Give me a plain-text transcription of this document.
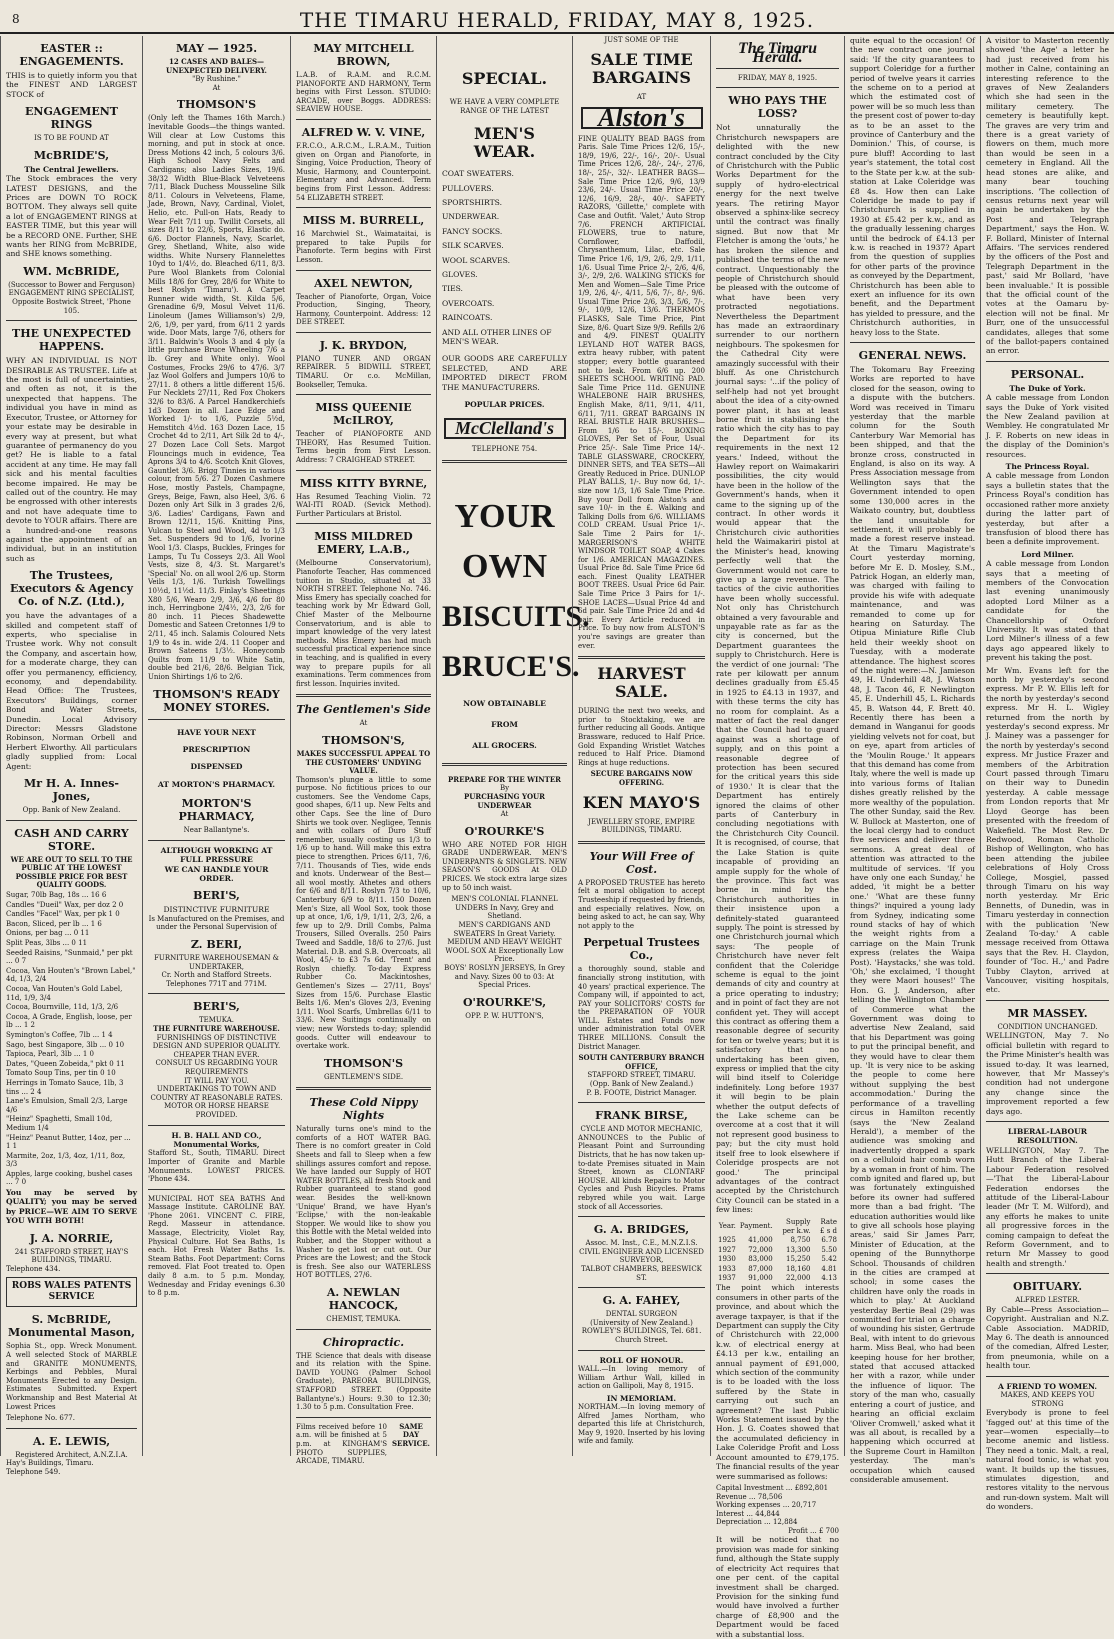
8	THE TIMARU HERALD, FRIDAY, MAY 8, 1925.
EASTER :: ENGAGEMENTS.

THIS is to quietly inform you that the FINEST AND LARGEST STOCK of

ENGAGEMENT RINGS
IS TO BE FOUND AT
McBRIDE'S,
The Central Jewellers.

The Stock embraces the very LATEST DESIGNS, and the Prices are DOWN TO ROCK BOTTOM. They always sell quite a lot of ENGAGEMENT RINGS at EASTER TIME, but this year will be a RECORD ONE. Further, SHE wants her RING from McBRIDE, and SHE knows something.

WM. McBRIDE,
(Successor to Bower and Ferguson) ENGAGEMENT RING SPECIALIST, Opposite Bostwick Street, 'Phone 105.
THE UNEXPECTED HAPPENS.

WHY AN INDIVIDUAL IS NOT DESIRABLE AS TRUSTEE. Life at the most is full of uncertainties, and often as not, it is the unexpected that happens. The individual you have in mind as Executor, Trustee, or Attorney for your estate may be desirable in every way at present, but what guarantee of permanency do you get? He is liable to a fatal accident at any time. He may fall sick and his mental faculties become impaired. He may be called out of the country. He may be engrossed with other interests and not have adequate time to devote to YOUR affairs. There are a hundred-and-one reasons against the appointment of an individual, but in an institution such as

The Trustees, Executors & Agency Co. of N.Z. (Ltd.),

you have the advantages of a skilled and competent staff of experts, who specialise in Trustee work. Why not consult the Company, and ascertain how, for a moderate charge, they can offer you permanency, efficiency, economy, and dependability. Head Office: The Trustees, Executors' Buildings, corner Bond and Water Streets, Dunedin. Local Advisory Director: Messrs Gladstone Robinson, Norman Orbell and Herbert Elworthy. All particulars gladly supplied from: Local Agent:

Mr H. A. Innes-Jones,
Opp. Bank of New Zealand.
CASH AND CARRY STORE.
WE ARE OUT TO SELL TO THE PUBLIC AT THE LOWEST POSSIBLE PRICE FOR BEST QUALITY GOODS.
Sugar, 70lb Bag, 18s ... 16 6
Candles "Dueil" Wax, per doz 2 0
Candles "Facel" Wax, per pk 1 0
Bacon, Sliced, per lb ... 1 6
Onions, per bag ... 0 11
Split Peas, 3lbs ... 0 11
Seeded Raisins, "Sunmaid," per pkt ... 0 7
Cocoa, Van Houten's "Brown Label," 4d, 1/3, 2/4
Cocoa, Van Houten's Gold Label, 11d, 1/9, 3/4
Cocoa, Bournville, 11d, 1/3, 2/6
Cocoa, A Grade, English, loose, per lb ... 1 2
Symington's Coffee, 7lb ... 1 4
Sago, best Singapore, 3lb ... 0 10
Tapioca, Pearl, 3lb ... 1 0
Dates, "Queen Zobeida," pkt 0 11
Tomato Soup Tins, per tin 0 10
Herrings in Tomato Sauce, 1lb, 3 tins ... 2 4
Lane's Emulsion, Small 2/3, Large 4/6
"Heinz" Spaghetti, Small 10d, Medium 1/4
"Heinz" Peanut Butter, 14oz, per ... 1 1
Marmite, 2oz, 1/3, 4oz, 1/11, 8oz, 3/3
Apples, large cooking, bushel cases ... 7 0

You may be served by QUALITY; you may be served by PRICE—WE AIM TO SERVE YOU WITH BOTH!

J. A. NORRIE,
241 STAFFORD STREET, HAY'S BUILDINGS, TIMARU.
Telephone 434.
ROBS WALES PATENTS SERVICE
S. McBRIDE, Monumental Mason,

Sophia St., opp. Wreck Monument. A well selected Stock of MARBLE and GRANITE MONUMENTS, Kerbings and Pebbles, Mural Monuments Erected to any Design. Estimates Submitted. Expert Workmanship and Best Material At Lowest Prices

Telephone No. 677.
A. E. LEWIS,
Registered Architect, A.N.Z.I.A.
Hay's Buildings, Timaru.
Telephone 549.
MAY — 1925.
12 CASES AND BALES—UNEXPECTED DELIVERY.
"By Rushine."
At
THOMSON'S

(Only left the Thames 16th March.) Inevitable Goods—the things wanted. Will clear at Low Customs this morning, and put in stock at once. Dress Motions 42 inch, 5 colours 3/6. High School Navy Felts and Cardigans; also Ladies Sizes, 19/6. 38/32 Width Blue-Black Velveteens 7/11, Black Duchess Mousseline Silk 8/11. Colours in Velveteens, Flame, Jade, Brown, Navy, Cardinal, Violet, Helio, etc. Pull-on Hats, Ready to Wear Felt 7/11 up. Twillit Corsets, all sizes 8/11 to 22/6, Sports, Elastic do. 6/6. Doctor Flannels, Navy, Scarlet, Grey, Shetland, White, also wide widths. White Nursery Flannelettes 10yd to 1/4½, do. Bleached 6/11, 8/3. Pure Wool Blankets from Colonial Mills 18/6 for Grey, 28/6 for White to best Roslyn 'Timaru'). A Carpet Runner wide width, St. Kilda 5/6, Grenadine 6/9, Mosul Velvet 11/6. Linoleum (James Williamson's) 2/9, 2/6, 1/9, per yard, from 6/11 2 yards wide. Door Mats, large 7/6, others for 3/11. Baldwin's Wools 3 and 4 ply (a little purchase Bruce Wheeling 7/6 a lb. Grey and White only). Wool Costumes, Frocks 29/6 to 47/6. 3/7 Jaz Wool Golfers and Jumpers 10/6 to 27/11. 8 others a little different 15/6. Fur Necklets 27/11, Red Fox Chokers 32/6 to 83/6. A Parcel Handkerchiefs 1d3 Dozen in all. Lace Edge and Worked 1/- to 1/6, Puzzle 5½d, Hemstitch 4½d. 163 Dozen Lace, 15 Crochet 4d to 2/11, Art Silk 2d to 4/-, 27 Dozen Lace Coll Sets. Margot Flouncings much in evidence, Tea Aprons 3/4 to 4/6. Scotch Knit Gloves, Gauntlet 3/6. Brigg Tinnies in various colour, from 5/6. 27 Dozen Cashmere Hose, mostly Pastels, Champagne, Greys, Beige, Fawn, also Heel, 3/6. 6 Dozen only Art Silk in 3 grades 2/6, 3/6. Ladies' Cardigans, Fawn and Brown 12/11, 15/6. Knitting Pins, Vulcan to Steel and Wood, 4d to 1/3 Set. Suspenders 9d to 1/6, Ivorine Wool 1/3. Clasps, Buckles, Fringes for Lamps, Tu Tu Cosseys 2/3. All Wool Vests, size 8, 4/3. St. Margaret's 'Special' No. on all wool 2/6 up. Storm Veils 1/3, 1/6. Turkish Towellings 10½d, 11½d. 11/3. Finlay's Sheetings X80 5/6, Wearo 2/9, 3/6, 4/6 for 80 inch, Herringbone 2/4½, 2/3, 2/6 for 80 inch. 11 Pieces Shadewette Domestic and Sateen Cretonnes 1/9 to 2/11, 45 inch. Salamis Coloured Nets 1/9 to 4s in. wide 2/4. 11 Cooper and Brown Sateens 1/3½. Honeycomb Quilts from 11/9 to White Satin, double bed 21/6, 28/6. Belgian Tick, Union Shirtings 1/6 to 2/6.

THOMSON'S READY MONEY STORES.
HAVE YOUR NEXT
PRESCRIPTION
DISPENSED
AT MORTON'S PHARMACY.
MORTON'S PHARMACY,
Near Ballantyne's.
ALTHOUGH WORKING AT FULL PRESSURE
WE CAN HANDLE YOUR ORDER.
BERI'S,
DISTINCTIVE FURNITURE
Is Manufactured on the Premises, and under the Personal Supervision of
Z. BERI,
FURNITURE WAREHOUSEMAN & UNDERTAKER,
Cr. North and Stafford Streets. Telephones 771T and 771M.
BERI'S,
TEMUKA.
THE FURNITURE WAREHOUSE.
FURNISHINGS OF DISTINCTIVE DESIGN AND SUPERIOR QUALITY.
CHEAPER THAN EVER.
CONSULT US REGARDING YOUR REQUIREMENTS
IT WILL PAY YOU.
UNDERTAKINGS TO TOWN AND COUNTRY AT REASONABLE RATES.
MOTOR OR HORSE HEARSE PROVIDED.
H. B. HALL AND CO., Monumental Works,

Stafford St., South, TIMARU. Direct Importer of Granite and Marble Monuments. LOWEST PRICES. 'Phone 434.

MUNICIPAL HOT SEA BATHS And Massage Institute. CAROLINE BAY. 'Phone 2061. VINCENT C. FIRE, Regd. Masseur in attendance. Massage, Electricity, Violet Ray, Physical Culture. Hot Sea Baths, 1s each. Hot Fresh Water Baths 1s. Steam Baths. Foot Department: Corns removed. Flat Foot treated to. Open daily 8 a.m. to 5 p.m. Monday, Wednesday and Friday evenings 6.30 to 8 p.m.

MAY MITCHELL BROWN,

L.A.B. of R.A.M. and R.C.M. PIANOFORTE AND HARMONY, Term begins with First Lesson. STUDIO: ARCADE, over Boggs. ADDRESS: SEAVIEW HOUSE.

ALFRED W. V. VINE,

F.R.C.O., A.R.C.M., L.R.A.M., Tuition given on Organ and Pianoforte, in Singing, Voice Production, Theory of Music, Harmony, and Counterpoint. Elementary and Advanced. Term begins from First Lesson. Address: 54 ELIZABETH STREET.

MISS M. BURRELL,

16 Marchwiel St., Waimataitai, is prepared to take Pupils for Pianoforte. Term begins with First Lesson.

AXEL NEWTON,

Teacher of Pianoforte, Organ, Voice Production, Singing, Theory, Harmony, Counterpoint. Address: 12 DEE STREET.

J. K. BRYDON,

PIANO TUNER AND ORGAN REPAIRER. 5 BIDWILL STREET, TIMARU. Or c.o. McMillan, Bookseller, Temuka.

MISS QUEENIE McILROY,

Teacher of PIANOFORTE AND THEORY, Has Resumed Tuition. Terms begin from First Lesson. Address: 7 CRAIGHEAD STREET.

MISS KITTY BYRNE,

Has Resumed Teaching Violin. 72 WAI-ITI ROAD. (Sevick Method). Further Particulars at Bristol.

MISS MILDRED EMERY, L.A.B.,

(Melbourne Conservatorium), Pianoforte Teacher, Has commenced tuition in Studio, situated at 33 NORTH STREET. Telephone No. 746. Miss Emery has specially coached for teaching work by Mr Edward Goll, Chief Master of the Melbourne Conservatorium, and is able to impart knowledge of the very latest methods. Miss Emery has had much successful practical experience since in teaching, and is qualified in every way to prepare pupils for all examinations. Term commences from first lesson. Inquiries invited.

The Gentlemen's Side
At
THOMSON'S,
MAKES SUCCESSFUL APPEAL TO THE CUSTOMERS' UNDYING VALUE.

Thomson's plunge a little to some purpose. No fictitious prices to our customers. See the Vendome Caps, good shapes, 6/11 up. New Felts and other Caps. See the line of Duro Shirts we took over. Negligee, Tennis and with collars of Duro Stuff remember, usually costing us 1/3 to 1/6 up to hand. Will make this extra piece to strengthen. Prices 6/11, 7/6, 7/11. Thousands of Ties, wide ends and knots. Underwear of the Best—all wool mostly. Athetes and others for 6/6 and 8/11. Roslyn 7/3 to 10/6, Canterbury 6/9 to 8/11. 150 Dozen Men's Size, all Wool Sox, took those up at once, 1/6, 1/9, 1/11, 2/3, 2/6, a few up to 2/9. Drill Combs, Palma Trousers, Silled Overalls. 250 Pairs Tweed and Saddle, 18/6 to 27/6. Just Material. D.B. and S.B. Overcoats, all Wool, 45/- to £3 7s 6d. 'Trent' and Roslyn chiefly. To-day Express Rubber Co. Mackintoshes, Gentlemen's Sizes — 27/11, Boys' Sizes from 15/6. Purchase Elastic Belts 1/6. Men's Gloves 2/3, Evening 1/11. Wool Scarfs, Umbrellas 6/11 to 33/6. New Suitings continually on view; new Worsteds to-day; splendid goods. Cutter will endeavour to overtake work.

THOMSON'S
GENTLEMEN'S SIDE.
These Cold Nippy Nights

Naturally turns one's mind to the comforts of a HOT WATER BAG. There is no comfort greater in Cold Sheets and fall to Sleep when a few shillings assures comfort and repose. We have landed our Supply of HOT WATER BOTTLES, all fresh Stock and Rubber guaranteed to stand good wear. Besides the well-known 'Unique' Brand, we have Hyan's 'Eclipse,' with the non-leakable Stopper. We would like to show you this Bottle with the Metal welded into Rubber, and the Stopper without a Washer to get lost or cut out. Our Prices are the Lowest; and the Stock is fresh. See also our WATERLESS HOT BOTTLES, 27/6.

A. NEWLAN HANCOCK,
CHEMIST, TEMUKA.
Chiropractic.

THE Science that deals with disease and its relation with the Spine. DAVID YOUNG (Palmer School Graduate), PAREORA BUILDINGS, STAFFORD STREET. (Opposite Ballantyne's.) Hours: 9.30 to 12.30; 1.30 to 5 p.m. Consultation Free.

Films received before 10 a.m. will be finished at 5 p.m. at KINGHAM'S PHOTO SUPPLIES, ARCADE, TIMARU.

SAME DAY SERVICE.
SPECIAL.
WE HAVE A VERY COMPLETE RANGE OF THE LATEST
MEN'S WEAR.
COAT SWEATERS.
PULLOVERS.
SPORTSHIRTS.
UNDERWEAR.
FANCY SOCKS.
SILK SCARVES.
WOOL SCARVES.
GLOVES.
TIES.
OVERCOATS.
RAINCOATS.
AND ALL OTHER LINES OF MEN'S WEAR.

OUR GOODS ARE CAREFULLY SELECTED, AND ARE IMPORTED DIRECT FROM THE MANUFACTURERS.

POPULAR PRICES.
McClelland's
TELEPHONE 754.
YOUR
OWN
BISCUITS.
BRUCE'S.
NOW OBTAINABLE
FROM
ALL GROCERS.
PREPARE FOR THE WINTER
By
PURCHASING YOUR UNDERWEAR
At
O'ROURKE'S

WHO ARE NOTED FOR HIGH GRADE UNDERWEAR. MEN'S UNDERPANTS & SINGLETS. NEW SEASON'S GOODS At OLD PRICES. We stock extra large sizes up to 50 inch waist.

MEN'S COLONIAL FLANNEL UNDERS In Navy, Grey and Shetland.
MEN'S CARDIGANS AND SWEATERS In Great Variety.
MEDIUM AND HEAVY WEIGHT WOOL SOX At Exceptionally Low Price.
BOYS' ROSLYN JERSEYS, In Grey and Navy. Sizes 00 to 03: At Special Prices.
O'ROURKE'S,
OPP. P. W. HUTTON'S,
JUST SOME OF THE
SALE TIME BARGAINS
AT
Alston's

FINE QUALITY BEAD BAGS from Paris. Sale Time Prices 12/6, 15/-, 18/9, 19/6, 22/-, 16/-, 20/-. Usual Time Prices 12/6, 28/-, 24/-, 27/6, 18/-, 25/-, 32/-. LEATHER BAGS—Sale Time Price 12/6, 9/6, 13/9 23/6, 24/-. Usual Time Price 20/-, 12/6, 16/9, 28/-, 40/-. SAFETY RAZORS, 'Gillette,' complete with Case and Outfit. 'Valet,' Auto Strop 7/6. FRENCH ARTIFICIAL FLOWERS, true to nature, Cornflower, Daffodil, Chrysanthemum, Lilac, etc. Sale Time Price 1/6, 1/9, 2/6, 2/9, 1/11, 1/6. Usual Time Price 2/-, 2/6, 4/6, 3/-, 2/9, 2/6. WALKING STICKS for Men and Women—Sale Time Price 1/9, 2/6, 4/-, 4/11, 5/6, 7/-, 8/-, 9/6. Usual Time Price 2/6, 3/3, 5/6, 7/-, 9/-, 10/9, 12/6, 13/6. THERMOS FLASKS, Sale Time Price, Pint Size, 8/6. Quart Size 9/9. Refills 2/6 and 4/9. FINEST QUALITY LEYLAND HOT WATER BAGS, extra heavy rubber, with patent stopper; every bottle guaranteed not to leak. From 6/6 up. 200 SHEETS SCHOOL WRITING PAD. Sale Time Price 11d. GENUINE WHALEBONE HAIR BRUSHES, English Make, 8/11, 9/11, 4/11, 6/11, 7/11. GREAT BARGAINS IN REAL BRISTLE HAIR BRUSHES—From 1/6 to 15/-. BOXING GLOVES, Per Set of Four, Usual Price 25/-. Sale Time Price 14/-. TABLE GLASSWARE, CROCKERY, DINNER SETS, and TEA SETS—All Greatly Reduced in Price. DUNLOP PLAY BALLS, 1/-. Buy now 6d, 1/-. size now 1/3, 1/6 Sale Time Price. Buy your Doll from Alston's and save 10/- in the £. Walking and Talking Dolls from 6/6. WILLIAMS COLD CREAM. Usual Price 1/-. Sale Time 2 Pairs for 1/-. MARGERISON'S WHITE WINDSOR TOILET SOAP, 4 Cakes for 1/6. AMERICAN MAGAZINES. Usual Price 8d. Sale Time Price 6d each. Finest Quality LEATHER BOOT TREES. Usual Price 6d Pair. Sale Time Price 3 Pairs for 1/-. SHOE LACES—Usual Price 4d and 6d pair. Sale Time Price 2d and 4d pair. Every Article reduced in Price. To buy now from ALSTON'S you're savings are greater than ever.

HARVEST SALE.

DURING the next two weeks, and prior to Stocktaking, we are further reducing all Goods. Antique Brassware, reduced to Half Price. Gold Expanding Wristlet Watches reduced to Half Price. Diamond Rings at huge reductions.

SECURE BARGAINS NOW OFFERING.
KEN MAYO'S
JEWELLERY STORE, EMPIRE BUILDINGS, TIMARU.
Your Will Free of Cost.

A PROPOSED TRUSTEE has hereto felt a moral obligation to accept Trusteeship if requested by friends, and especially relatives. Now, on being asked to act, he can say, Why not apply to the

Perpetual Trustees Co.,

a thoroughly sound, stable and financially strong institution, with 40 years' practical experience. The Company will, if appointed to act, PAY your SOLICITORS' COSTS for the PREPARATION OF YOUR WILL. Estates and Funds now under administration total OVER THREE MILLIONS. Consult the District Manager.

SOUTH CANTERBURY BRANCH OFFICE,
STAFFORD STREET, TIMARU. (Opp. Bank of New Zealand.)
P. B. FOOTE, District Manager.
FRANK BIRSE,
CYCLE AND MOTOR MECHANIC,

ANNOUNCES to the Public of Pleasant Point and Surrounding Districts, that he has now taken up-to-date Premises situated in Main Street, known as CLONTARF HOUSE. All kinds Repairs to Motor Cycles and Push Bicycles. Prams rebyred while you wait. Large stock of all Accessories.

G. A. BRIDGES,
Assoc. M. Inst., C.E., M.N.Z.I.S.
CIVIL ENGINEER AND LICENSED SURVEYOR,
TALBOT CHAMBERS, BEESWICK ST.
G. A. FAHEY,
DENTAL SURGEON
(University of New Zealand.) ROWLEY'S BUILDINGS, Tel. 681. Church Street.
ROLL OF HONOUR.

WALL.—In loving memory of William Arthur Wall, killed in action on Gallipoli, May 8, 1915.

IN MEMORIAM.

NORTHAM.—In loving memory of Alfred James Northam, who departed this life at Christchurch, May 9, 1920. Inserted by his loving wife and family.

The Timaru Herald.
FRIDAY, MAY 8, 1925.
WHO PAYS THE LOSS?

Not unnaturally the Christchurch newspapers are delighted with the new contract concluded by the City of Christchurch with the Public Works Department for the supply of hydro-electrical energy for the next twelve years. The retiring Mayor observed a sphinx-like secrecy until the contract was finally signed. But now that Mr Fletcher is among the 'outs,' he has broken the silence and published the terms of the new contract. Unquestionably the people of Christchurch should be pleased with the outcome of what have been very protracted negotiations. Nevertheless the Department has made an extraordinary surrender to our northern neighbours. The spokesmen for the Cathedral City were amazingly successful with their bluff. As one Christchurch journal says: '...if the policy of self-help had not yet brought about the idea of a city-owned power plant, it has at least borne fruit in stabilising the ratio which the city has to pay the Department for its requirements in the next 12 years.' Indeed, without the Hawley report on Waimakariri possibilities, the city would have been in the hollow of the Government's hands, when it came to the signing up of the contract. In other words it would appear that the Christchurch civic authorities held the Waimakariri pistol at the Minister's head, knowing perfectly well that the Government would not care to give up a large revenue. The tactics of the civic authorities have been wholly successful. Not only has Christchurch obtained a very favourable and unpayable rate as far as the city is concerned, but the Department guarantees the supply to Christchurch. Here is the verdict of one journal: 'The rate per kilowatt per annum declines gradually from £5.45 in 1925 to £4.13 in 1937, and with these terms the city has no room for complaint. As a matter of fact the real danger that the Council had to guard against was a shortage of supply, and on this point a reasonable degree of protection has been secured for the critical years this side of 1930.' It is clear that the Department has entirely ignored the claims of other parts of Canterbury in concluding negotiations with the Christchurch City Council. It is recognised, of course, that the Lake Station is quite incapable of providing an ample supply for the whole of the province. This fact was borne in mind by the Christchurch authorities in their insistence upon a definitely-stated guaranteed supply. The point is stressed by one Christchurch journal which says: 'The people of Christchurch have never felt confident that the Coleridge scheme is equal to the joint demands of city and country at a price operating to industry; and in point of fact they are not confident yet. They will accept this contract as offering them a reasonable degree of security for ten or twelve years; but it is satisfactory that no undertaking has been given, express or implied that the city will bind itself to Coleridge indefinitely. Long before 1937 it will begin to be plain whether the output defects of the Lake scheme can be overcome at a cost that it will not represent good business to pay; but the city must hold itself free to look elsewhere if Coleridge prospects are not good.' The principal advantages of the contract accepted by the Christchurch City Council can be stated in a few lines:

Year.	Payment.	Supply per k.w.	Rate £ s d
1925	41,000	8,750	6.78
1927	72,000	13,300	5.50
1930	83,000	15,250	5.42
1933	87,000	18,160	4.81
1937	91,000	22,000	4.13

The point which interests consumers in other parts of the province, and about which the average taxpayer, is that if the Department can supply the City of Christchurch with 22,000 k.w. of electrical energy at £4.13 per k.w., entailing an annual payment of £91,000, which section of the community is to be loaded with the loss suffered by the State in carrying out such an agreement? The last Public Works Statement issued by the Hon. J. G. Coates showed that the accumulated deficiency in Lake Coleridge Profit and Loss Account amounted to £79,175. The financial results of the year were summarised as follows:

Capital Investment ... £892,801
Revenue ... 78,506
Working expenses ... 20,717
Interest ... 44,844
Depreciation ... 12,884
Profit ... £ 700

It will be noticed that no provision was made for sinking fund, although the State supply of electricity Act requires that one per cent. of the capital investment shall be charged. Provision for the sinking fund would have involved a further charge of £8,900 and the Department would be faced with a substantial loss.

quite equal to the occasion! Of the new contract one journal said: 'If the city guarantees to support Coleridge for a further period of twelve years it carries the scheme on to a period at which the estimated cost of power will be so much less than the present cost of power to-day as to be an asset to the province of Canterbury and the Dominion.' This, of course, is pure bluff! According to last year's statement, the total cost to the State per k.w. at the sub-station at Lake Coleridge was £8 4s. How then can Lake Coleridge be made to pay if Christchurch is supplied in 1930 at £5.42 per k.w., and as the gradually lessening charges until the bedrock of £4.13 per k.w. is reached in 1937? Apart from the question of supplies for other parts of the province as conveyed by the Department, Christchurch has been able to exert an influence for its own benefit, and the Department has yielded to pressure, and the Christchurch authorities, in heavy loss to the State.

GENERAL NEWS.

The Tokomaru Bay Freezing Works are reported to have closed for the season, owing to a dispute with the butchers. Word was received in Timaru yesterday that the marble column for the South Canterbury War Memorial has been shipped, and that the bronze cross, constructed in England, is also on its way. A Press Association message from Wellington says that the Government intended to open some 130,000 acres in the Waikato country, but, doubtless the land unsuitable for settlement, it will probably be made a forest reserve instead. At the Timaru Magistrate's Court yesterday morning, before Mr E. D. Mosley, S.M., Patrick Hogan, an elderly man, was charged with failing to provide his wife with adequate maintenance, and was remanded to come up for hearing on Saturday. The Otipua Miniature Rifle Club held their weekly shoot on Tuesday, with a moderate attendance. The highest scores of the night were:—N. Jamieson 49, H. Underhill 48, J. Watson 48, J. Tacon 46, F. Newlington 45, E. Underhill 45, L. Richards 45, B. Watson 44, F. Brett 40. Recently there has been a demand in Wanganui for goods yielding velvets not for coat, but on eye, apart from articles of the 'Moulin Rouge.' It appears that this demand has come from Italy, where the well is made up into various forms of Italian dishes greatly relished by the more wealthy of the population. The other Sunday, said the Rev. W. Bullock at Masterton, one of the local clergy had to conduct five services and deliver three sermons. A great deal of attention was attracted to the multitude of services. 'If you have only one each Sunday,' he added, 'it might be a better one.' 'What are these funny things?' inquired a young lady from Sydney, indicating some round stacks of hay of which the weight rights from a carriage on the Main Trunk express (relates the Waipa Post). 'Haystacks,' she was told. 'Oh,' she exclaimed, 'I thought they were Maori houses!' The Hon. G. J. Anderson, after telling the Wellington Chamber of Commerce what the Government was doing to advertise New Zealand, said that his Department was going to put the principal benefit, and they would have to clear them up. 'It is very nice to be asking the people to come here without supplying the best accommodation.' During the performance of a travelling circus in Hamilton recently (says the 'New Zealand Herald'), a member of the audience was smoking and inadvertently dropped a spark on a celluloid hair comb worn by a woman in front of him. The comb ignited and flared up, but was fortunately extinguished before its owner had suffered more than a bad fright. 'The education authorities would like to give all schools hose playing areas,' said Sir James Parr, Minister of Education, at the opening of the Bunnythorpe School. Thousands of children in the cities are cramped at school; in some cases the children have only the roads in which to play.' At Auckland yesterday Bertie Beal (29) was committed for trial on a charge of wounding his sister, Gertrude Beal, with intent to do grievous harm. Miss Beal, who had been keeping house for her brother, stated that accused attacked her with a razor, while under the influence of liquor. The story of the man who, casually entering a court of justice, and hearing an official exclaim 'Oliver Cromwell,' asked what it was all about, is recalled by a happening which occurred at the Supreme Court in Hamilton yesterday. The man's occupation which caused considerable amusement.

A visitor to Masterton recently showed 'the Age' a letter he had just received from his mother in Calne, containing an interesting reference to the graves of New Zealanders which she had seen in the military cemetery. The cemetery is beautifully kept. The graves are very trim and there is a great variety of flowers on them, much more than would be seen in a cemetery in England. All the head stones are alike, and many bear touching inscriptions. 'The collection of census returns next year will again be undertaken by the Post and Telegraph Department,' says the Hon. W. F. Bollard, Minister of Internal Affairs. 'The services rendered by the officers of the Post and Telegraph Department in the past,' said Mr Bollard, 'have been invaluable.' It is possible that the official count of the votes at the Oamaru by-election will not be final. Mr Burr, one of the unsuccessful candidates, alleges that some of the ballot-papers contained an error.

PERSONAL.
The Duke of York.

A cable message from London says the Duke of York visited the New Zealand pavilion at Wembley. He congratulated Mr J. F. Roberts on new ideas in the display of the Dominion's resources.

The Princess Royal.

A cable message from London says a bulletin states that the Princess Royal's condition has occasioned rather more anxiety during the latter part of yesterday, but after a transfusion of blood there has been a definite improvement.

Lord Milner.

A cable message from London says that a meeting of members of the Convocation last evening unanimously adopted Lord Milner as a candidate for the Chancellorship of Oxford University. It was stated that Lord Milner's illness of a few days ago appeared likely to prevent his taking the post.

Mr Wm. Evans left for the north by yesterday's second express. Mr P. W. Ellis left for the north by yesterday's second express. Mr H. L. Wigley returned from the north by yesterday's second express. Mr J. Mainey was a passenger for the north by yesterday's second express. Mr Justice Frazer and members of the Arbitration Court passed through Timaru on their way to Dunedin yesterday. A cable message from London reports that Mr Lloyd George has been presented with the freedom of Wakefield. The Most Rev. Dr Redwood, Roman Catholic Bishop of Wellington, who has been attending the jubilee celebrations of Holy Cross College, Mosgiel, passed through Timaru on his way north yesterday. Mr Eric Bennetts, of Dunedin, was in Timaru yesterday in connection with the publication 'New Zealand To-day.' A cable message received from Ottawa says that the Rev. H. Claydon, founder of 'Toc. H.,' and Padre Tubby Clayton, arrived at Vancouver, visiting hospitals, etc.

MR MASSEY.
CONDITION UNCHANGED.

WELLINGTON, May 7. No official bulletin with regard to the Prime Minister's health was issued to-day. It was learned, however, that Mr Massey's condition had not undergone any change since the improvement reported a few days ago.

LIBERAL-LABOUR RESOLUTION.

WELLINGTON, May 7. The Hutt Branch of the Liberal-Labour Federation resolved—'That the Liberal-Labour Federation endorses the attitude of the Liberal-Labour leader (Mr T. M. Wilford), and any efforts he makes to unite all progressive forces in the coming campaign to defeat the Reform Government, and to return Mr Massey to good health and strength.'

OBITUARY.
ALFRED LESTER.

By Cable—Press Association—Copyright. Australian and N.Z. Cable Association. MADRID, May 6. The death is announced of the comedian, Alfred Lester, from pneumonia, while on a health tour.

A FRIEND TO WOMEN.
MAKES, AND KEEPS YOU STRONG

Everybody is prone to feel 'fagged out' at this time of the year—women especially—to become anemic and listless. They need a tonic. Malt, a real, natural food tonic, is what you want. It builds up the tissues, stimulates digestion, and restores vitality to the nervous and run-down system. Malt will do wonders.
